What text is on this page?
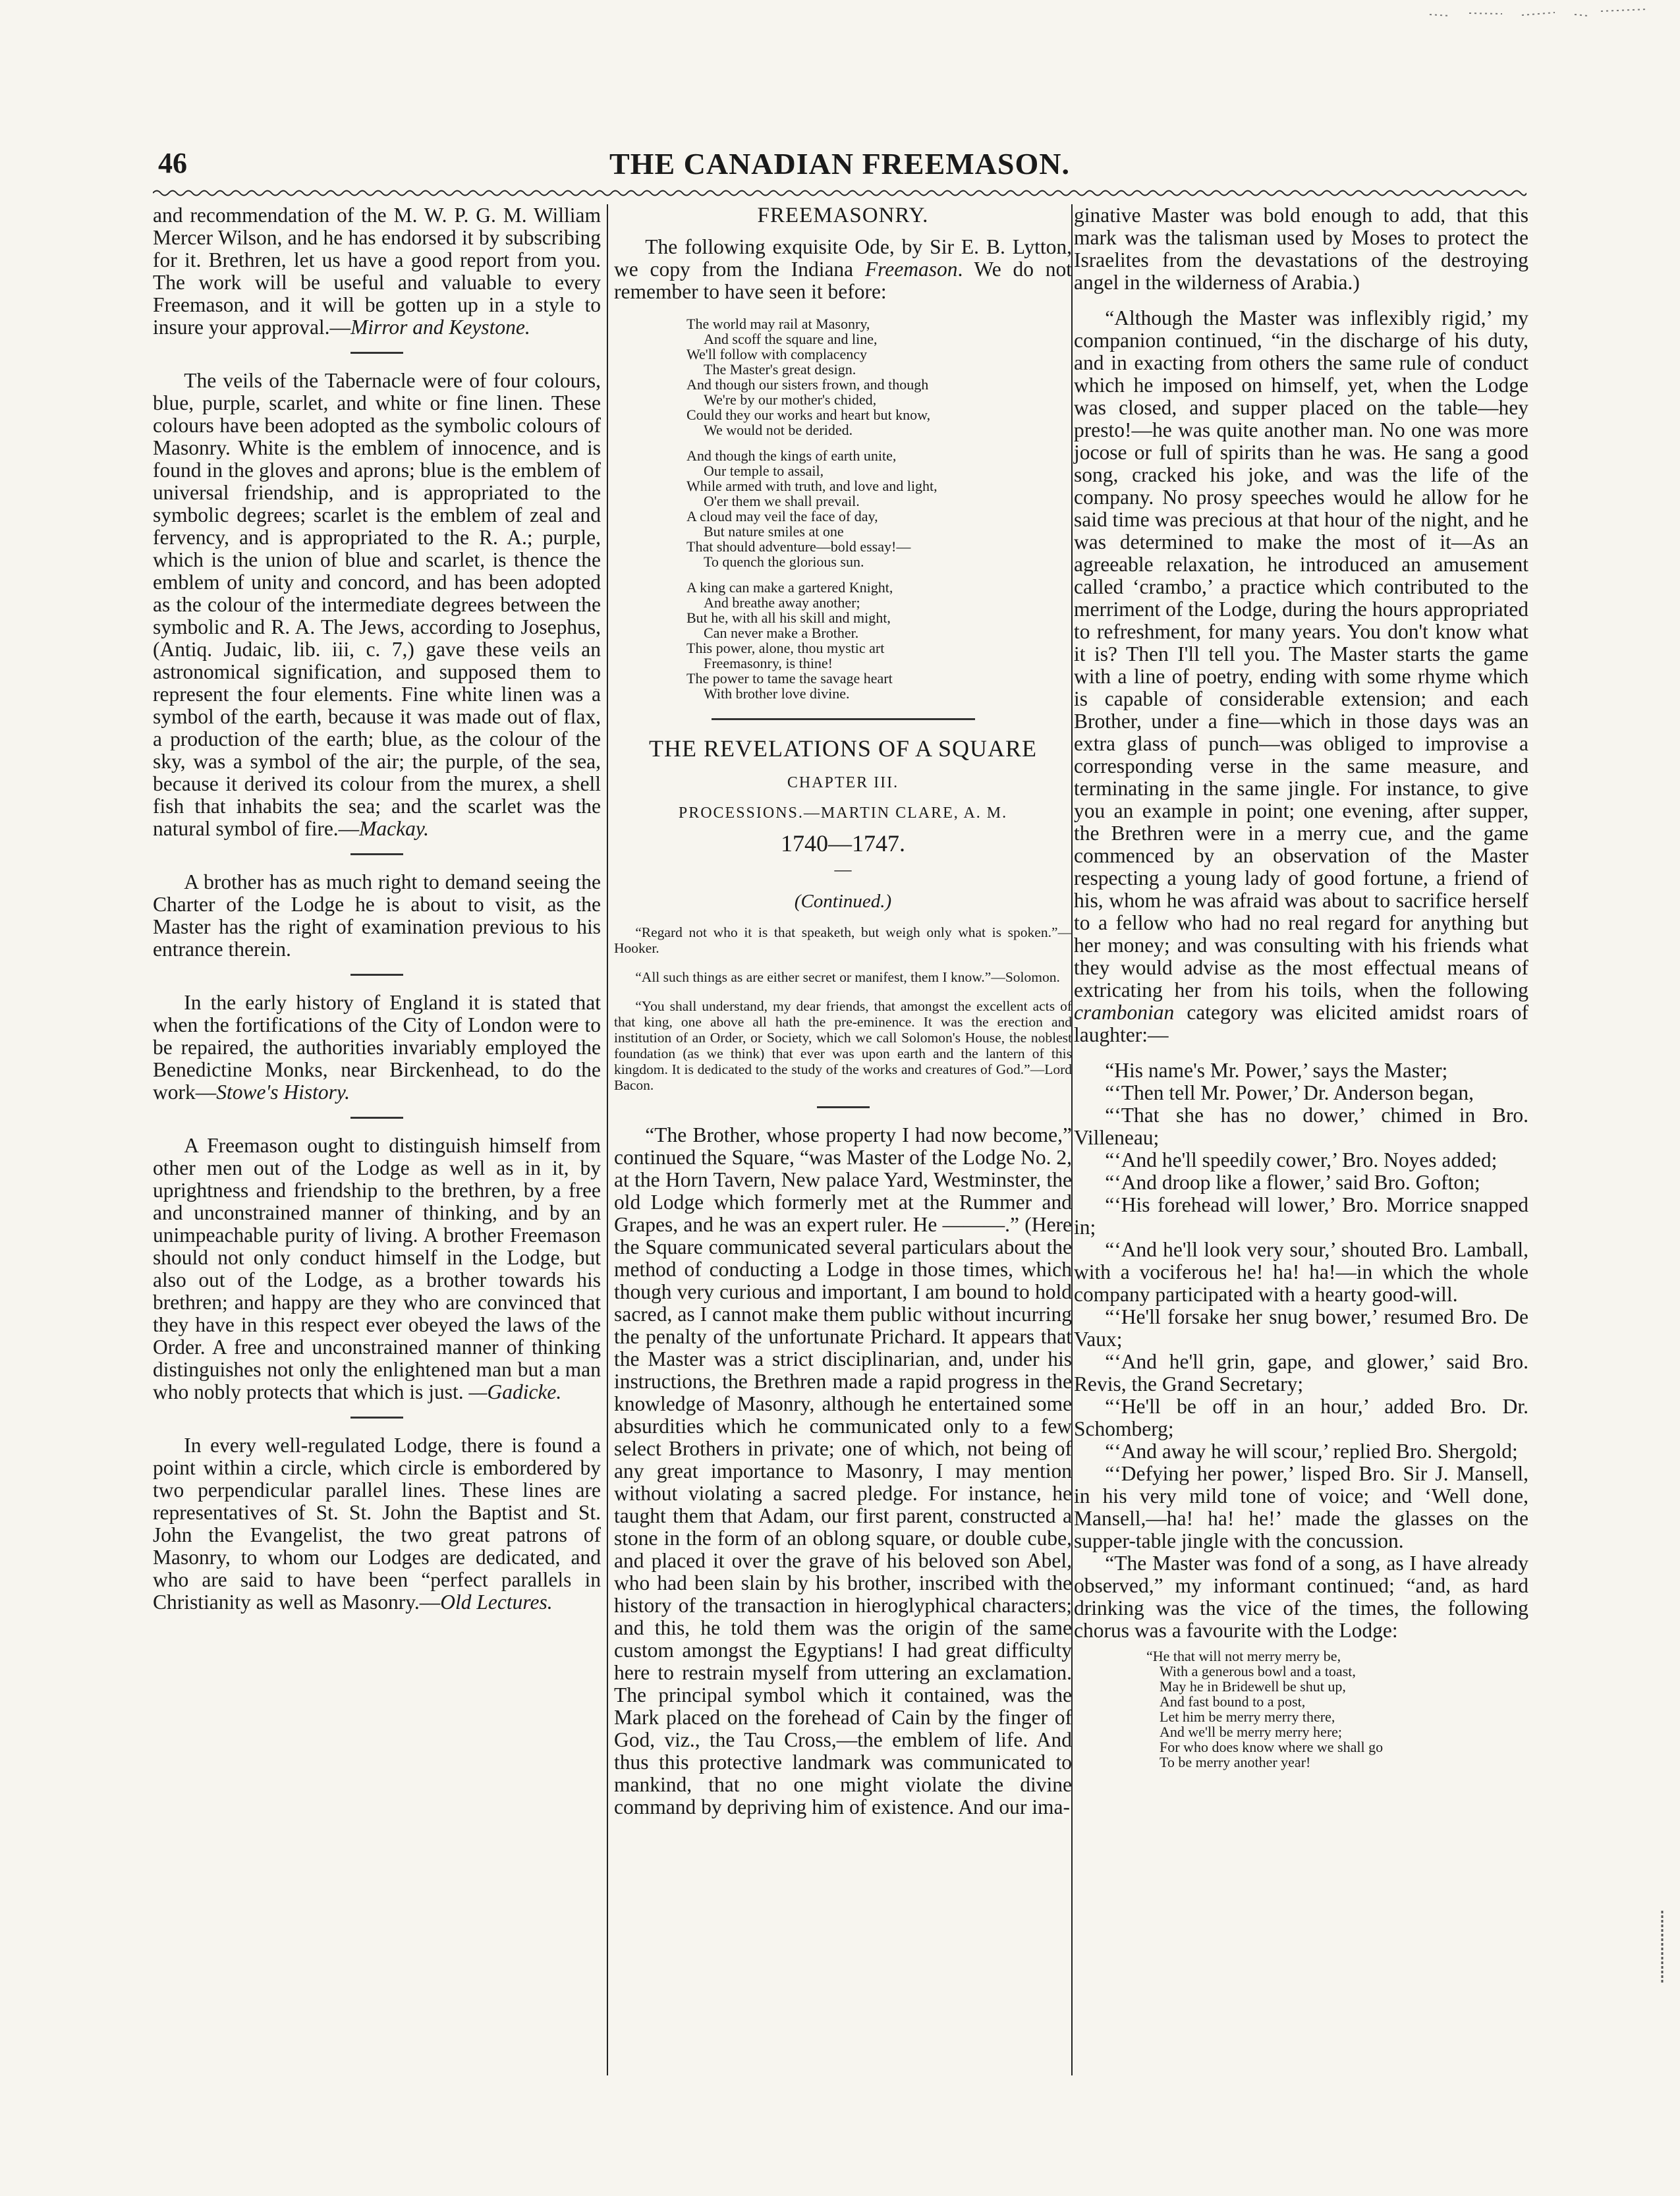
46	THE CANADIAN FREEMASON.

and recommendation of the M. W. P. G. M. William Mercer Wilson, and he has endorsed it by subscribing for it. Brethren, let us have a good report from you. The work will be useful and valuable to every Freemason, and it will be gotten up in a style to insure your approval.—Mirror and Keystone.

The veils of the Tabernacle were of four colours, blue, purple, scarlet, and white or fine linen. These colours have been adopted as the symbolic colours of Masonry. White is the emblem of innocence, and is found in the gloves and aprons; blue is the emblem of universal friendship, and is appropriated to the symbolic degrees; scarlet is the emblem of zeal and fervency, and is appropriated to the R. A.; purple, which is the union of blue and scarlet, is thence the emblem of unity and concord, and has been adopted as the colour of the intermediate degrees between the symbolic and R. A. The Jews, according to Josephus, (Antiq. Judaic, lib. iii, c. 7,) gave these veils an astronomical signification, and supposed them to represent the four elements. Fine white linen was a symbol of the earth, because it was made out of flax, a production of the earth; blue, as the colour of the sky, was a symbol of the air; the purple, of the sea, because it derived its colour from the murex, a shell fish that inhabits the sea; and the scarlet was the natural symbol of fire.—Mackay.

A brother has as much right to demand seeing the Charter of the Lodge he is about to visit, as the Master has the right of examination previous to his entrance therein.

In the early history of England it is stated that when the fortifications of the City of London were to be repaired, the authorities invariably employed the Benedictine Monks, near Birckenhead, to do the work—Stowe's History.

A Freemason ought to distinguish himself from other men out of the Lodge as well as in it, by uprightness and friendship to the brethren, by a free and unconstrained manner of thinking, and by an unimpeachable purity of living. A brother Freemason should not only conduct himself in the Lodge, but also out of the Lodge, as a brother towards his brethren; and happy are they who are convinced that they have in this respect ever obeyed the laws of the Order. A free and unconstrained manner of thinking distinguishes not only the enlightened man but a man who nobly protects that which is just. —Gadicke.

In every well-regulated Lodge, there is found a point within a circle, which circle is embordered by two perpendicular parallel lines. These lines are representatives of St. St. John the Baptist and St. John the Evangelist, the two great patrons of Masonry, to whom our Lodges are dedicated, and who are said to have been “perfect parallels in Christianity as well as Masonry.—Old Lectures.

FREEMASONRY.

The following exquisite Ode, by Sir E. B. Lytton, we copy from the Indiana Freemason. We do not remember to have seen it before:

The world may rail at Masonry,
And scoff the square and line,
We'll follow with complacency
The Master's great design.
And though our sisters frown, and though
We're by our mother's chided,
Could they our works and heart but know,
We would not be derided.
And though the kings of earth unite,
Our temple to assail,
While armed with truth, and love and light,
O'er them we shall prevail.
A cloud may veil the face of day,
But nature smiles at one
That should adventure—bold essay!—
To quench the glorious sun.
A king can make a gartered Knight,
And breathe away another;
But he, with all his skill and might,
Can never make a Brother.
This power, alone, thou mystic art
Freemasonry, is thine!
The power to tame the savage heart
With brother love divine.
THE REVELATIONS OF A SQUARE
CHAPTER III.
PROCESSIONS.—MARTIN CLARE, A. M.
1740—1747.
—
(Continued.)

“Regard not who it is that speaketh, but weigh only what is spoken.”—Hooker.

“All such things as are either secret or manifest, them I know.”—Solomon.

“You shall understand, my dear friends, that amongst the excellent acts of that king, one above all hath the pre-eminence. It was the erection and institution of an Order, or Society, which we call Solomon's House, the noblest foundation (as we think) that ever was upon earth and the lantern of this kingdom. It is dedicated to the study of the works and creatures of God.”—Lord Bacon.

“The Brother, whose property I had now become,” continued the Square, “was Master of the Lodge No. 2, at the Horn Tavern, New palace Yard, Westminster, the old Lodge which formerly met at the Rummer and Grapes, and he was an expert ruler. He ———.” (Here the Square communicated several particulars about the method of conducting a Lodge in those times, which though very curious and important, I am bound to hold sacred, as I cannot make them public without incurring the penalty of the unfortunate Prichard. It appears that the Master was a strict disciplinarian, and, under his instructions, the Brethren made a rapid progress in the knowledge of Masonry, although he entertained some absurdities which he communicated only to a few select Brothers in private; one of which, not being of any great importance to Masonry, I may mention without violating a sacred pledge. For instance, he taught them that Adam, our first parent, constructed a stone in the form of an oblong square, or double cube, and placed it over the grave of his beloved son Abel, who had been slain by his brother, inscribed with the history of the transaction in hieroglyphical characters; and this, he told them was the origin of the same custom amongst the Egyptians! I had great difficulty here to restrain myself from uttering an exclamation. The principal symbol which it contained, was the Mark placed on the forehead of Cain by the finger of God, viz., the Tau Cross,—the emblem of life. And thus this protective landmark was communicated to mankind, that no one might violate the divine command by depriving him of existence. And our ima-

ginative Master was bold enough to add, that this mark was the talisman used by Moses to protect the Israelites from the devastations of the destroying angel in the wilderness of Arabia.)

“Although the Master was inflexibly rigid,’ my companion continued, “in the discharge of his duty, and in exacting from others the same rule of conduct which he imposed on himself, yet, when the Lodge was closed, and supper placed on the table—hey presto!—he was quite another man. No one was more jocose or full of spirits than he was. He sang a good song, cracked his joke, and was the life of the company. No prosy speeches would he allow for he said time was precious at that hour of the night, and he was determined to make the most of it—As an agreeable relaxation, he introduced an amusement called ‘crambo,’ a practice which contributed to the merriment of the Lodge, during the hours appropriated to refreshment, for many years. You don't know what it is? Then I'll tell you. The Master starts the game with a line of poetry, ending with some rhyme which is capable of considerable extension; and each Brother, under a fine—which in those days was an extra glass of punch—was obliged to improvise a corresponding verse in the same measure, and terminating in the same jingle. For instance, to give you an example in point; one evening, after supper, the Brethren were in a merry cue, and the game commenced by an observation of the Master respecting a young lady of good fortune, a friend of his, whom he was afraid was about to sacrifice herself to a fellow who had no real regard for anything but her money; and was consulting with his friends what they would advise as the most effectual means of extricating her from his toils, when the following crambonian category was elicited amidst roars of laughter:—

“His name's Mr. Power,’ says the Master;

“‘Then tell Mr. Power,’ Dr. Anderson began,

“‘That she has no dower,’ chimed in Bro. Villeneau;

“‘And he'll speedily cower,’ Bro. Noyes added;

“‘And droop like a flower,’ said Bro. Gofton;

“‘His forehead will lower,’ Bro. Morrice snapped in;

“‘And he'll look very sour,’ shouted Bro. Lamball, with a vociferous he! ha! ha!—in which the whole company participated with a hearty good-will.

“‘He'll forsake her snug bower,’ resumed Bro. De Vaux;

“‘And he'll grin, gape, and glower,’ said Bro. Revis, the Grand Secretary;

“‘He'll be off in an hour,’ added Bro. Dr. Schomberg;

“‘And away he will scour,’ replied Bro. Shergold;

“‘Defying her power,’ lisped Bro. Sir J. Mansell, in his very mild tone of voice; and ‘Well done, Mansell,—ha! ha! he!’ made the glasses on the supper-table jingle with the concussion.

“The Master was fond of a song, as I have already observed,” my informant continued; “and, as hard drinking was the vice of the times, the following chorus was a favourite with the Lodge:

“He that will not merry merry be,
With a generous bowl and a toast,
May he in Bridewell be shut up,
And fast bound to a post,
Let him be merry merry there,
And we'll be merry merry here;
For who does know where we shall go
To be merry another year!
